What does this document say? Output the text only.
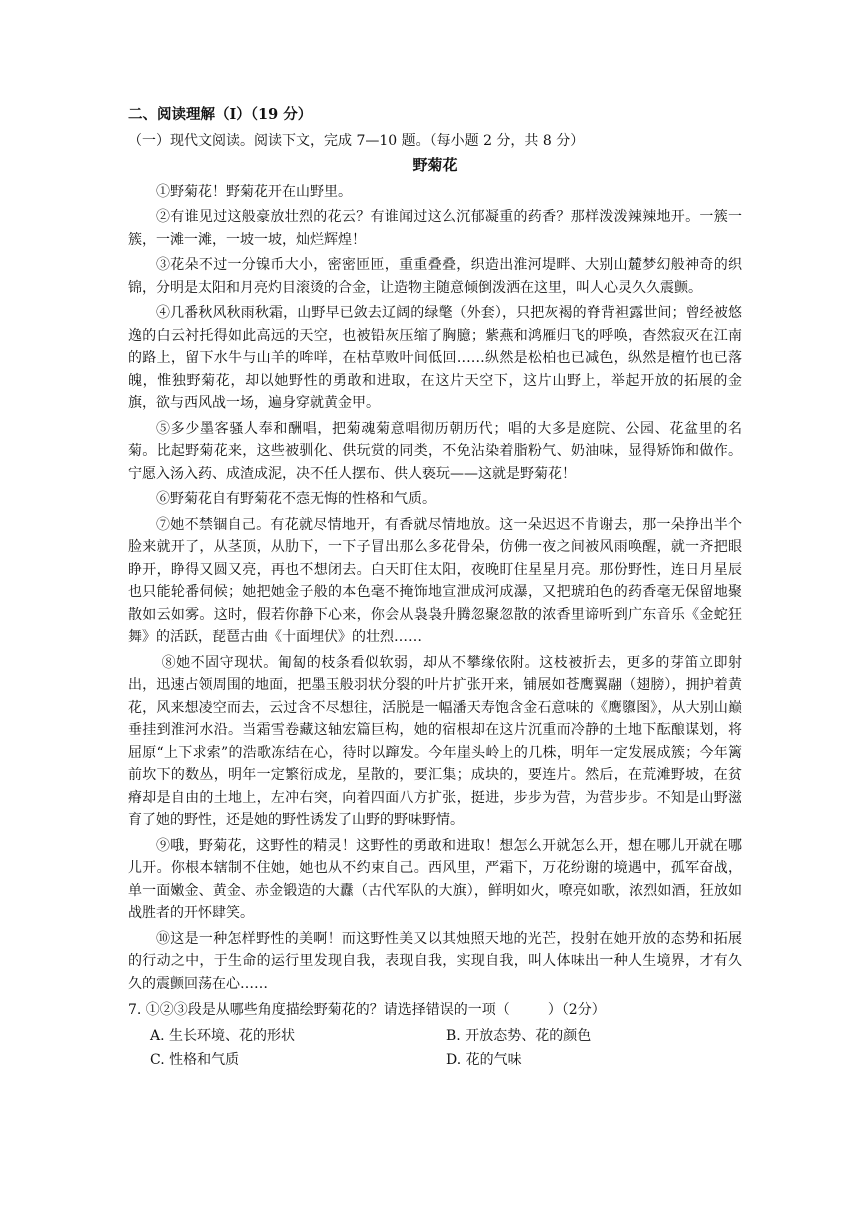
二、阅读理解（Ⅰ）（19 分）
（一）现代文阅读。阅读下文，完成 7—10 题。（每小题 2 分，共 8 分）
野菊花

①野菊花！野菊花开在山野里。

②有谁见过这般豪放壮烈的花云？有谁闻过这么沉郁凝重的药香？那样泼泼辣辣地开。一簇一簇，一滩一滩，一坡一坡，灿烂辉煌！

③花朵不过一分镍币大小，密密匝匝，重重叠叠，织造出淮河堤畔、大别山麓梦幻般神奇的织锦，分明是太阳和月亮灼目滚烫的合金，让造物主随意倾倒泼洒在这里，叫人心灵久久震颤。

④几番秋风秋雨秋霜，山野早已敛去辽阔的绿氅（外套），只把灰褐的脊背袒露世间；曾经被悠逸的白云衬托得如此高远的天空，也被铅灰压缩了胸臆；紫燕和鸿雁归飞的呼唤，杳然寂灭在江南的路上，留下水牛与山羊的哞咩，在枯草败叶间低回……纵然是松柏也已减色，纵然是檀竹也已落魄，惟独野菊花，却以她野性的勇敢和进取，在这片天空下，这片山野上，举起开放的拓展的金旗，欲与西风战一场，遍身穿就黄金甲。

⑤多少墨客骚人奉和酬唱，把菊魂菊意唱彻历朝历代；唱的大多是庭院、公园、花盆里的名菊。比起野菊花来，这些被驯化、供玩赏的同类，不免沾染着脂粉气、奶油味，显得矫饰和做作。宁愿入汤入药、成渣成泥，决不任人摆布、供人亵玩——这就是野菊花！

⑥野菊花自有野菊花不悫无悔的性格和气质。

⑦她不禁锢自己。有花就尽情地开，有香就尽情地放。这一朵迟迟不肯谢去，那一朵挣出半个脸来就开了，从茎顶，从肋下，一下子冒出那么多花骨朵，仿佛一夜之间被风雨唤醒，就一齐把眼睁开，睁得又圆又亮，再也不想闭去。白天盯住太阳，夜晚盯住星星月亮。那份野性，连日月星辰也只能轮番伺候；她把她金子般的本色毫不掩饰地宣泄成河成瀑，又把琥珀色的药香毫无保留地聚散如云如雾。这时，假若你静下心来，你会从袅袅升腾忽聚忽散的浓香里谛听到广东音乐《金蛇狂舞》的活跃，琵琶古曲《十面埋伏》的壮烈……

⑧她不固守现状。匍匐的枝条看似软弱，却从不攀缘依附。这枝被折去，更多的芽笛立即射出，迅速占领周围的地面，把墨玉般羽状分裂的叶片扩张开来，铺展如苍鹰翼翮（翅膀），拥护着黄花，风来想凌空而去，云过含不尽想往，活脱是一幅潘天寿饱含金石意味的《鹰隳图》，从大别山巅垂挂到淮河水沿。当霜雪卷藏这轴宏篇巨构，她的宿根却在这片沉重而冷静的土地下酝酿谋划，将屈原“上下求索”的浩歌冻结在心，待时以蹿发。今年崖头岭上的几株，明年一定发展成簇；今年篱前坎下的数丛，明年一定繁衍成龙，星散的，要汇集；成块的，要连片。然后，在荒滩野坡，在贫瘠却是自由的土地上，左冲右突，向着四面八方扩张，挺进，步步为营，为营步步。不知是山野滋育了她的野性，还是她的野性诱发了山野的野味野情。

⑨哦，野菊花，这野性的精灵！这野性的勇敢和进取！想怎么开就怎么开，想在哪儿开就在哪儿开。你根本辖制不住她，她也从不约束自己。西风里，严霜下，万花纷谢的境遇中，孤军奋战，单一面嫩金、黄金、赤金锻造的大纛（古代军队的大旗），鲜明如火，嘹亮如歌，浓烈如酒，狂放如战胜者的开怀肆笑。

⑩这是一种怎样野性的美啊！而这野性美又以其烛照天地的光芒，投射在她开放的态势和拓展的行动之中，于生命的运行里发现自我，表现自我，实现自我，叫人体味出一种人生境界，才有久久的震颤回荡在心……

7. ①②③段是从哪些角度描绘野菊花的？请选择错误的一项（	）（2分）
A. 生长环境、花的形状	B. 开放态势、花的颜色
C. 性格和气质	D. 花的气味
